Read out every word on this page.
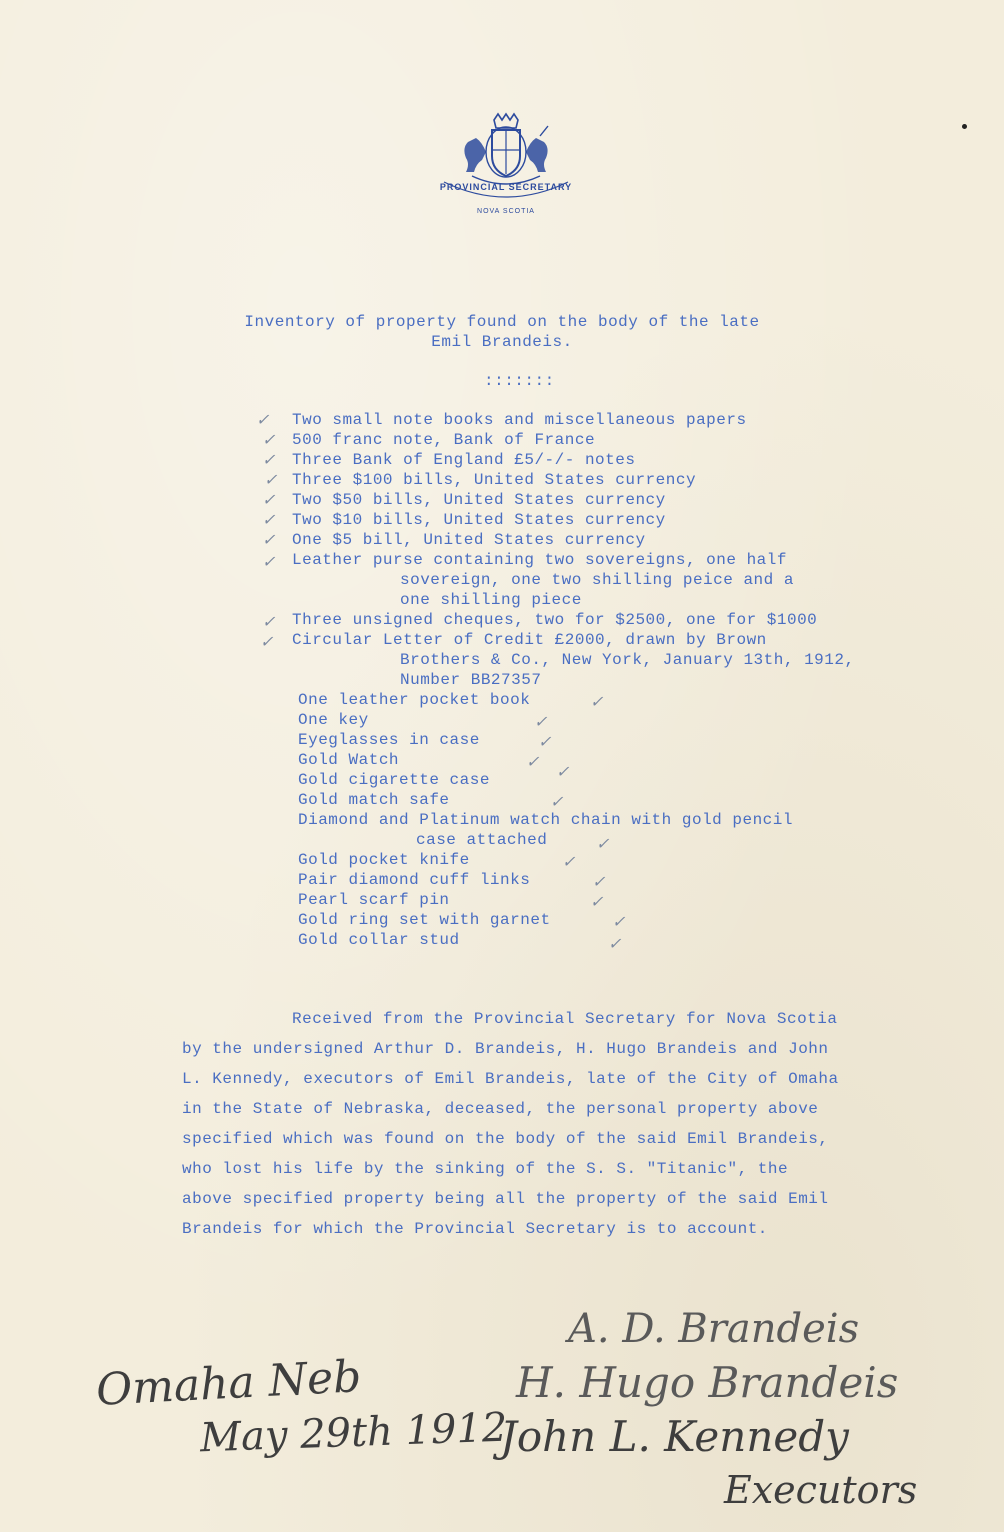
PROVINCIAL SECRETARY
NOVA SCOTIA
Inventory of property found on the body of the late
Emil Brandeis.
:::::::
Two small note books and miscellaneous papers
500 franc note, Bank of France
Three Bank of England £5/-/- notes
Three $100 bills, United States currency
Two $50 bills, United States currency
Two $10 bills, United States currency
One $5 bill, United States currency
Leather purse containing two sovereigns, one half
sovereign, one two shilling peice and a
one shilling piece
Three unsigned cheques, two for $2500, one for $1000
Circular Letter of Credit £2000, drawn by Brown
Brothers & Co., New York, January 13th, 1912,
Number BB27357
One leather pocket book
One key
Eyeglasses in case
Gold Watch
Gold cigarette case
Gold match safe
Diamond and Platinum watch chain with gold pencil
case attached
Gold pocket knife
Pair diamond cuff links
Pearl scarf pin
Gold ring set with garnet
Gold collar stud
✓
✓
✓
✓
✓
✓
✓
✓
✓
✓
✓
✓
✓
✓
✓
✓
✓
✓
✓
✓
✓
✓
Received from the Provincial Secretary for Nova Scotia
by the undersigned Arthur D. Brandeis, H. Hugo Brandeis and John
L. Kennedy, executors of Emil Brandeis, late of the City of Omaha
in the State of Nebraska, deceased, the personal property above
specified which was found on the body of the said Emil Brandeis,
who lost his life by the sinking of the S. S. "Titanic", the
above specified property being all the property of the said Emil
Brandeis for which the Provincial Secretary is to account.
Omaha Neb
May 29th 1912
A. D. Brandeis
H. Hugo Brandeis
John L. Kennedy
Executors
